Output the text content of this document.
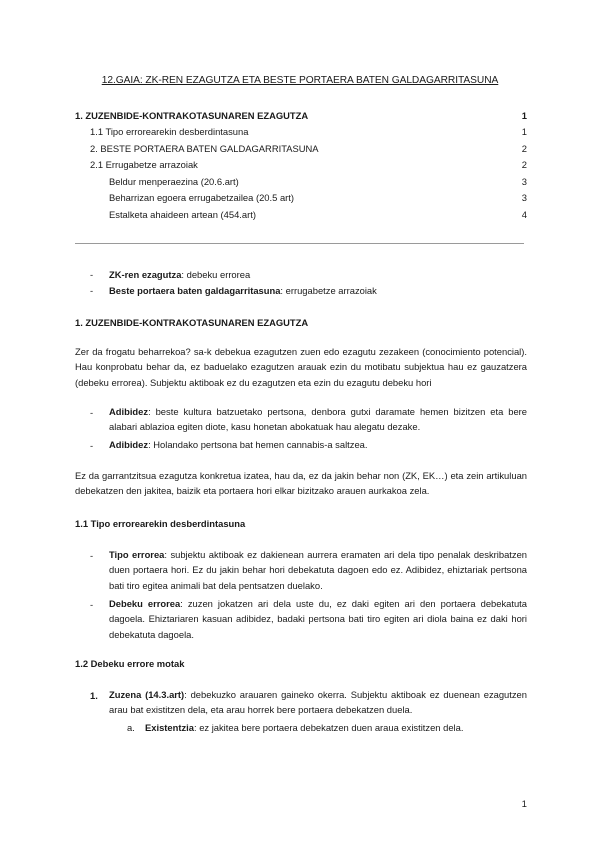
12.GAIA: ZK-REN EZAGUTZA ETA BESTE PORTAERA BATEN GALDAGARRITASUNA
1. ZUZENBIDE-KONTRAKOTASUNAREN EZAGUTZA	1
1.1 Tipo errorearekin desberdintasuna	1
2. BESTE PORTAERA BATEN GALDAGARRITASUNA	2
2.1 Errugabetze arrazoiak	2
Beldur menperaezina (20.6.art)	3
Beharrizan egoera errugabetzailea (20.5 art)	3
Estalketa ahaideen artean (454.art)	4
- ZK-ren ezagutza: debeku errorea
- Beste portaera baten galdagarritasuna: errugabetze arrazoiak
1. ZUZENBIDE-KONTRAKOTASUNAREN EZAGUTZA
Zer da frogatu beharrekoa? sa-k debekua ezagutzen zuen edo ezagutu zezakeen (conocimiento potencial). Hau konprobatu behar da, ez baduelako ezagutzen arauak ezin du motibatu subjektua hau ez gauzatzera (debeku errorea). Subjektu aktiboak ez du ezagutzen eta ezin du ezagutu debeku hori
- Adibidez: beste kultura batzuetako pertsona, denbora gutxi daramate hemen bizitzen eta bere alabari ablazioa egiten diote, kasu honetan abokatuak hau alegatu dezake.
- Adibidez: Holandako pertsona bat hemen cannabis-a saltzea.
Ez da garrantzitsua ezagutza konkretua izatea, hau da, ez da jakin behar non (ZK, EK…) eta zein artikuluan debekatzen den jakitea, baizik eta portaera hori elkar bizitzako arauen aurkakoa zela.
1.1 Tipo errorearekin desberdintasuna
- Tipo errorea: subjektu aktiboak ez dakienean aurrera eramaten ari dela tipo penalak deskribatzen duen portaera hori. Ez du jakin behar hori debekatuta dagoen edo ez. Adibidez, ehiztariak pertsona bati tiro egitea animali bat dela pentsatzen duelako.
- Debeku errorea: zuzen jokatzen ari dela uste du, ez daki egiten ari den portaera debekatuta dagoela. Ehiztariaren kasuan adibidez, badaki pertsona bati tiro egiten ari diola baina ez daki hori debekatuta dagoela.
1.2 Debeku errore motak
1. Zuzena (14.3.art): debekuzko arauaren gaineko okerra. Subjektu aktiboak ez duenean ezagutzen arau bat existitzen dela, eta arau horrek bere portaera debekatzen duela.
a. Existentzia: ez jakitea bere portaera debekatzen duen araua existitzen dela.
1
